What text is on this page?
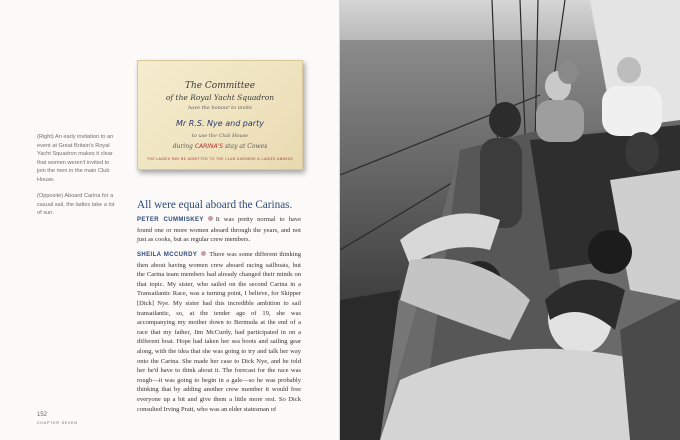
The Committee
of the Royal Yacht Squadron
have the honour to invite
Mr R.S. Nye and party
to use the Club House
during CARINA'S stay at Cowes
THE LADIES MAY BE ADMITTED TO THE CLUB GARDENS & LADIES ANNEXE

(Right) An early invitation to an event at Great Britain's Royal Yacht Squadron makes it clear that women weren't invited to join the men in the main Club House.

(Opposite) Aboard Carina for a casual sail, the ladies take a lot of sun.

All were equal aboard the Carinas.

PETER CUMMISKEY It was pretty normal to have found one or more women aboard through the years, and not just as cooks, but as regular crew members.

SHEILA MCCURDY There was some different thinking then about having women crew aboard racing sailboats, but the Carina team members had already changed their minds on that topic. My sister, who sailed on the second Carina in a Transatlantic Race, was a turning point, I believe, for Skipper [Dick] Nye. My sister had this incredible ambition to sail transatlantic, so, at the tender age of 19, she was accompanying my mother down to Bermuda at the end of a race that my father, Jim McCurdy, had participated in on a different boat. Hope had taken her sea boots and sailing gear along, with the idea that she was going to try and talk her way onto the Carina. She made her case to Dick Nye, and he told her he'd have to think about it. The forecast for the race was rough—it was going to begin in a gale—so he was probably thinking that by adding another crew member it would free everyone up a bit and give them a little more rest. So Dick consulted Irving Pratt, who was an elder statesman of

152

CHAPTER SEVEN
